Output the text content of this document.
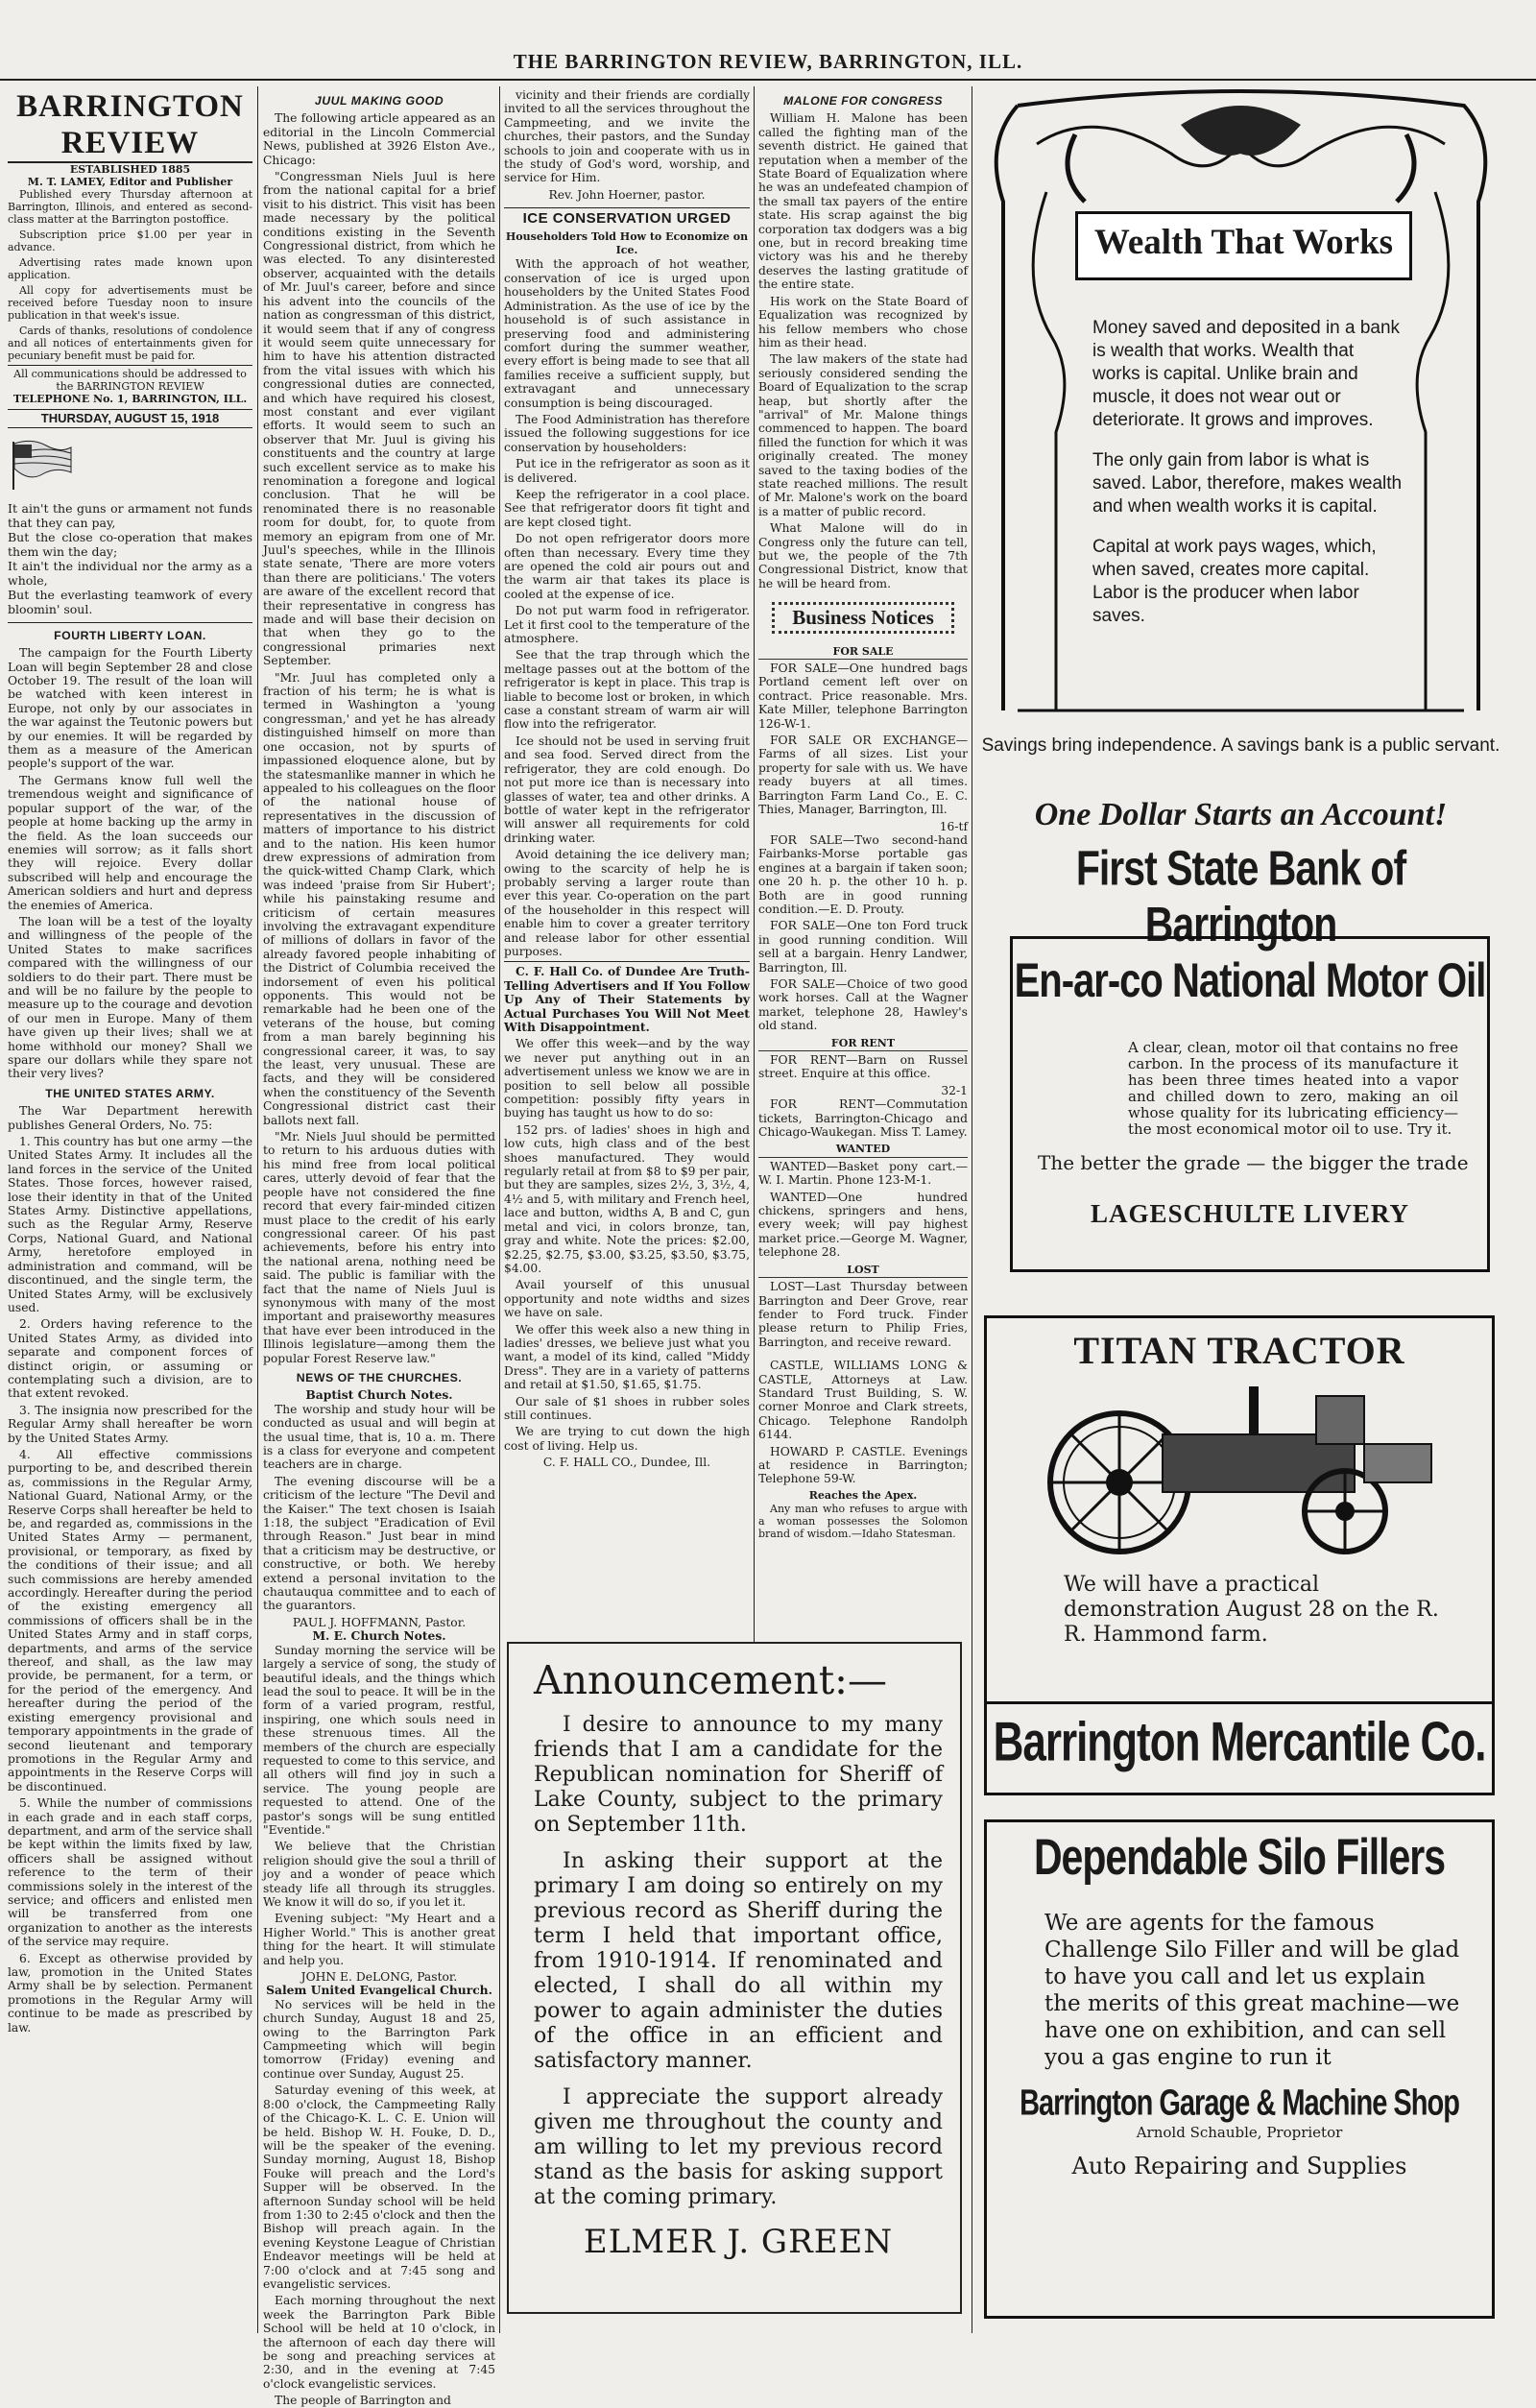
THE BARRINGTON REVIEW, BARRINGTON, ILL.
BARRINGTON REVIEW
ESTABLISHED 1885
M. T. LAMEY, Editor and Publisher

Published every Thursday afternoon at Barrington, Illinois, and entered as second-class matter at the Barrington postoffice.

Subscription price $1.00 per year in advance.

Advertising rates made known upon application.

All copy for advertisements must be received before Tuesday noon to insure publication in that week's issue.

Cards of thanks, resolutions of condolence and all notices of entertainments given for pecuniary benefit must be paid for.

All communications should be addressed to the BARRINGTON REVIEW
TELEPHONE No. 1, BARRINGTON, ILL.
THURSDAY, AUGUST 15, 1918
It ain't the guns or armament not funds that they can pay,
But the close co-operation that makes them win the day;
It ain't the individual nor the army as a whole,
But the everlasting teamwork of every bloomin' soul.
FOURTH LIBERTY LOAN.

The campaign for the Fourth Liberty Loan will begin September 28 and close October 19. The result of the loan will be watched with keen interest in Europe, not only by our associates in the war against the Teutonic powers but by our enemies. It will be regarded by them as a measure of the American people's support of the war.

The Germans know full well the tremendous weight and significance of popular support of the war, of the people at home backing up the army in the field. As the loan succeeds our enemies will sorrow; as it falls short they will rejoice. Every dollar subscribed will help and encourage the American soldiers and hurt and depress the enemies of America.

The loan will be a test of the loyalty and willingness of the people of the United States to make sacrifices compared with the willingness of our soldiers to do their part. There must be and will be no failure by the people to measure up to the courage and devotion of our men in Europe. Many of them have given up their lives; shall we at home withhold our money? Shall we spare our dollars while they spare not their very lives?

THE UNITED STATES ARMY.

The War Department herewith publishes General Orders, No. 75:

1. This country has but one army —the United States Army. It includes all the land forces in the service of the United States. Those forces, however raised, lose their identity in that of the United States Army. Distinctive appellations, such as the Regular Army, Reserve Corps, National Guard, and National Army, heretofore employed in administration and command, will be discontinued, and the single term, the United States Army, will be exclusively used.

2. Orders having reference to the United States Army, as divided into separate and component forces of distinct origin, or assuming or contemplating such a division, are to that extent revoked.

3. The insignia now prescribed for the Regular Army shall hereafter be worn by the United States Army.

4. All effective commissions purporting to be, and described therein as, commissions in the Regular Army, National Guard, National Army, or the Reserve Corps shall hereafter be held to be, and regarded as, commissions in the United States Army — permanent, provisional, or temporary, as fixed by the conditions of their issue; and all such commissions are hereby amended accordingly. Hereafter during the period of the existing emergency all commissions of officers shall be in the United States Army and in staff corps, departments, and arms of the service thereof, and shall, as the law may provide, be permanent, for a term, or for the period of the emergency. And hereafter during the period of the existing emergency provisional and temporary appointments in the grade of second lieutenant and temporary promotions in the Regular Army and appointments in the Reserve Corps will be discontinued.

5. While the number of commissions in each grade and in each staff corps, department, and arm of the service shall be kept within the limits fixed by law, officers shall be assigned without reference to the term of their commissions solely in the interest of the service; and officers and enlisted men will be transferred from one organization to another as the interests of the service may require.

6. Except as otherwise provided by law, promotion in the United States Army shall be by selection. Permanent promotions in the Regular Army will continue to be made as prescribed by law.

JUUL MAKING GOOD

The following article appeared as an editorial in the Lincoln Commercial News, published at 3926 Elston Ave., Chicago:

"Congressman Niels Juul is here from the national capital for a brief visit to his district. This visit has been made necessary by the political conditions existing in the Seventh Congressional district, from which he was elected. To any disinterested observer, acquainted with the details of Mr. Juul's career, before and since his advent into the councils of the nation as congressman of this district, it would seem that if any of congress it would seem quite unnecessary for him to have his attention distracted from the vital issues with which his congressional duties are connected, and which have required his closest, most constant and ever vigilant efforts. It would seem to such an observer that Mr. Juul is giving his constituents and the country at large such excellent service as to make his renomination a foregone and logical conclusion. That he will be renominated there is no reasonable room for doubt, for, to quote from memory an epigram from one of Mr. Juul's speeches, while in the Illinois state senate, 'There are more voters than there are politicians.' The voters are aware of the excellent record that their representative in congress has made and will base their decision on that when they go to the congressional primaries next September.

"Mr. Juul has completed only a fraction of his term; he is what is termed in Washington a 'young congressman,' and yet he has already distinguished himself on more than one occasion, not by spurts of impassioned eloquence alone, but by the statesmanlike manner in which he appealed to his colleagues on the floor of the national house of representatives in the discussion of matters of importance to his district and to the nation. His keen humor drew expressions of admiration from the quick-witted Champ Clark, which was indeed 'praise from Sir Hubert'; while his painstaking resume and criticism of certain measures involving the extravagant expenditure of millions of dollars in favor of the already favored people inhabiting of the District of Columbia received the indorsement of even his political opponents. This would not be remarkable had he been one of the veterans of the house, but coming from a man barely beginning his congressional career, it was, to say the least, very unusual. These are facts, and they will be considered when the constituency of the Seventh Congressional district cast their ballots next fall.

"Mr. Niels Juul should be permitted to return to his arduous duties with his mind free from local political cares, utterly devoid of fear that the people have not considered the fine record that every fair-minded citizen must place to the credit of his early congressional career. Of his past achievements, before his entry into the national arena, nothing need be said. The public is familiar with the fact that the name of Niels Juul is synonymous with many of the most important and praiseworthy measures that have ever been introduced in the Illinois legislature—among them the popular Forest Reserve law."

NEWS OF THE CHURCHES.
Baptist Church Notes.

The worship and study hour will be conducted as usual and will begin at the usual time, that is, 10 a. m. There is a class for everyone and competent teachers are in charge.

The evening discourse will be a criticism of the lecture "The Devil and the Kaiser." The text chosen is Isaiah 1:18, the subject "Eradication of Evil through Reason." Just bear in mind that a criticism may be destructive, or constructive, or both. We hereby extend a personal invitation to the chautauqua committee and to each of the guarantors.

PAUL J. HOFFMANN, Pastor.
M. E. Church Notes.

Sunday morning the service will be largely a service of song, the study of beautiful ideals, and the things which lead the soul to peace. It will be in the form of a varied program, restful, inspiring, one which souls need in these strenuous times. All the members of the church are especially requested to come to this service, and all others will find joy in such a service. The young people are requested to attend. One of the pastor's songs will be sung entitled "Eventide."

We believe that the Christian religion should give the soul a thrill of joy and a wonder of peace which steady life all through its struggles. We know it will do so, if you let it.

Evening subject: "My Heart and a Higher World." This is another great thing for the heart. It will stimulate and help you.

JOHN E. DeLONG, Pastor.
Salem United Evangelical Church.

No services will be held in the church Sunday, August 18 and 25, owing to the Barrington Park Campmeeting which will begin tomorrow (Friday) evening and continue over Sunday, August 25.

Saturday evening of this week, at 8:00 o'clock, the Campmeeting Rally of the Chicago-K. L. C. E. Union will be held. Bishop W. H. Fouke, D. D., will be the speaker of the evening. Sunday morning, August 18, Bishop Fouke will preach and the Lord's Supper will be observed. In the afternoon Sunday school will be held from 1:30 to 2:45 o'clock and then the Bishop will preach again. In the evening Keystone League of Christian Endeavor meetings will be held at 7:00 o'clock and at 7:45 song and evangelistic services.

Each morning throughout the next week the Barrington Park Bible School will be held at 10 o'clock, in the afternoon of each day there will be song and preaching services at 2:30, and in the evening at 7:45 o'clock evangelistic services.

The people of Barrington and

vicinity and their friends are cordially invited to all the services throughout the Campmeeting, and we invite the churches, their pastors, and the Sunday schools to join and cooperate with us in the study of God's word, worship, and service for Him.

Rev. John Hoerner, pastor.
ICE CONSERVATION URGED
Householders Told How to Economize on Ice.

With the approach of hot weather, conservation of ice is urged upon householders by the United States Food Administration. As the use of ice by the household is of such assistance in preserving food and administering comfort during the summer weather, every effort is being made to see that all families receive a sufficient supply, but extravagant and unnecessary consumption is being discouraged.

The Food Administration has therefore issued the following suggestions for ice conservation by householders:

Put ice in the refrigerator as soon as it is delivered.

Keep the refrigerator in a cool place. See that refrigerator doors fit tight and are kept closed tight.

Do not open refrigerator doors more often than necessary. Every time they are opened the cold air pours out and the warm air that takes its place is cooled at the expense of ice.

Do not put warm food in refrigerator. Let it first cool to the temperature of the atmosphere.

See that the trap through which the meltage passes out at the bottom of the refrigerator is kept in place. This trap is liable to become lost or broken, in which case a constant stream of warm air will flow into the refrigerator.

Ice should not be used in serving fruit and sea food. Served direct from the refrigerator, they are cold enough. Do not put more ice than is necessary into glasses of water, tea and other drinks. A bottle of water kept in the refrigerator will answer all requirements for cold drinking water.

Avoid detaining the ice delivery man; owing to the scarcity of help he is probably serving a larger route than ever this year. Co-operation on the part of the householder in this respect will enable him to cover a greater territory and release labor for other essential purposes.

C. F. Hall Co. of Dundee Are Truth-Telling Advertisers and If You Follow Up Any of Their Statements by Actual Purchases You Will Not Meet With Disappointment.

We offer this week—and by the way we never put anything out in an advertisement unless we know we are in position to sell below all possible competition: possibly fifty years in buying has taught us how to do so:

152 prs. of ladies' shoes in high and low cuts, high class and of the best shoes manufactured. They would regularly retail at from $8 to $9 per pair, but they are samples, sizes 2½, 3, 3½, 4, 4½ and 5, with military and French heel, lace and button, widths A, B and C, gun metal and vici, in colors bronze, tan, gray and white. Note the prices: $2.00, $2.25, $2.75, $3.00, $3.25, $3.50, $3.75, $4.00.

Avail yourself of this unusual opportunity and note widths and sizes we have on sale.

We offer this week also a new thing in ladies' dresses, we believe just what you want, a model of its kind, called "Middy Dress". They are in a variety of patterns and retail at $1.50, $1.65, $1.75.

Our sale of $1 shoes in rubber soles still continues.

We are trying to cut down the high cost of living. Help us.

C. F. HALL CO., Dundee, Ill.
MALONE FOR CONGRESS

William H. Malone has been called the fighting man of the seventh district. He gained that reputation when a member of the State Board of Equalization where he was an undefeated champion of the small tax payers of the entire state. His scrap against the big corporation tax dodgers was a big one, but in record breaking time victory was his and he thereby deserves the lasting gratitude of the entire state.

His work on the State Board of Equalization was recognized by his fellow members who chose him as their head.

The law makers of the state had seriously considered sending the Board of Equalization to the scrap heap, but shortly after the "arrival" of Mr. Malone things commenced to happen. The board filled the function for which it was originally created. The money saved to the taxing bodies of the state reached millions. The result of Mr. Malone's work on the board is a matter of public record.

What Malone will do in Congress only the future can tell, but we, the people of the 7th Congressional District, know that he will be heard from.

Business Notices
FOR SALE

FOR SALE—One hundred bags Portland cement left over on contract. Price reasonable. Mrs. Kate Miller, telephone Barrington 126-W-1.

FOR SALE OR EXCHANGE—Farms of all sizes. List your property for sale with us. We have ready buyers at all times. Barrington Farm Land Co., E. C. Thies, Manager, Barrington, Ill.

16-tf

FOR SALE—Two second-hand Fairbanks-Morse portable gas engines at a bargain if taken soon; one 20 h. p. the other 10 h. p. Both are in good running condition.—E. D. Prouty.

FOR SALE—One ton Ford truck in good running condition. Will sell at a bargain. Henry Landwer, Barrington, Ill.

FOR SALE—Choice of two good work horses. Call at the Wagner market, telephone 28, Hawley's old stand.

FOR RENT

FOR RENT—Barn on Russel street. Enquire at this office.

32-1

FOR RENT—Commutation tickets, Barrington-Chicago and Chicago-Waukegan. Miss T. Lamey.

WANTED

WANTED—Basket pony cart.—W. I. Martin. Phone 123-M-1.

WANTED—One hundred chickens, springers and hens, every week; will pay highest market price.—George M. Wagner, telephone 28.

LOST

LOST—Last Thursday between Barrington and Deer Grove, rear fender to Ford truck. Finder please return to Philip Fries, Barrington, and receive reward.

CASTLE, WILLIAMS LONG & CASTLE, Attorneys at Law. Standard Trust Building, S. W. corner Monroe and Clark streets, Chicago. Telephone Randolph 6144.

HOWARD P. CASTLE. Evenings at residence in Barrington; Telephone 59-W.

Reaches the Apex.

Any man who refuses to argue with a woman possesses the Solomon brand of wisdom.—Idaho Statesman.

Announcement:—

I desire to announce to my many friends that I am a candidate for the Republican nomination for Sheriff of Lake County, subject to the primary on September 11th.

In asking their support at the primary I am doing so entirely on my previous record as Sheriff during the term I held that important office, from 1910-1914. If renominated and elected, I shall do all within my power to again administer the duties of the office in an efficient and satisfactory manner.

I appreciate the support already given me throughout the county and am willing to let my previous record stand as the basis for asking support at the coming primary.

ELMER J. GREEN

Wealth That Works

Money saved and deposited in a bank is wealth that works. Wealth that works is capital. Unlike brain and muscle, it does not wear out or deteriorate. It grows and improves.

The only gain from labor is what is saved. Labor, therefore, makes wealth and when wealth works it is capital.

Capital at work pays wages, which, when saved, creates more capital. Labor is the producer when labor saves.

Savings bring independence. A savings bank is a public servant.
One Dollar Starts an Account!
First State Bank of Barrington
En-ar-co National Motor Oil
A clear, clean, motor oil that contains no free carbon. In the process of its manufacture it has been three times heated into a vapor and chilled down to zero, making an oil whose quality for its lubricating efficiency—the most economical motor oil to use. Try it.
The better the grade — the bigger the trade
LAGESCHULTE LIVERY
TITAN TRACTOR
We will have a practical demonstration August 28 on the R. R. Hammond farm.
Barrington Mercantile Co.
Dependable Silo Fillers
We are agents for the famous Challenge Silo Filler and will be glad to have you call and let us explain the merits of this great machine—we have one on exhibition, and can sell you a gas engine to run it
Barrington Garage & Machine Shop
Arnold Schauble, Proprietor
Auto Repairing and Supplies
